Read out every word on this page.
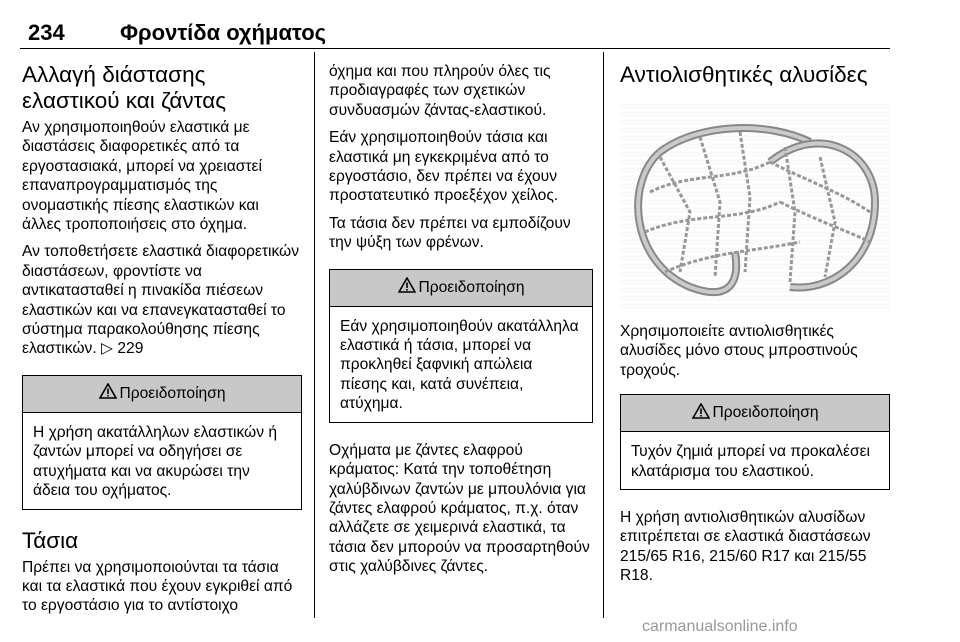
234	Φροντίδα οχήματος
Αλλαγή διάστασης ελαστικού και ζάντας

Αν χρησιμοποιηθούν ελαστικά με διαστάσεις διαφορετικές από τα εργοστασιακά, μπορεί να χρειαστεί επαναπρογραμματισμός της ονομαστικής πίεσης ελαστικών και άλλες τροποποιήσεις στο όχημα.

Αν τοποθετήσετε ελαστικά διαφορετικών διαστάσεων, φροντίστε να αντικατασταθεί η πινακίδα πιέσεων ελαστικών και να επανεγκατασταθεί το σύστημα παρακολούθησης πίεσης ελαστικών. ▷ 229

Προειδοποίηση
Η χρήση ακατάλληλων ελαστικών ή ζαντών μπορεί να οδηγήσει σε ατυχήματα και να ακυρώσει την άδεια του οχήματος.
Τάσια

Πρέπει να χρησιμοποιούνται τα τάσια και τα ελαστικά που έχουν εγκριθεί από το εργοστάσιο για το αντίστοιχο

όχημα και που πληρούν όλες τις προδιαγραφές των σχετικών συνδυασμών ζάντας-ελαστικού.

Εάν χρησιμοποιηθούν τάσια και ελαστικά μη εγκεκριμένα από το εργοστάσιο, δεν πρέπει να έχουν προστατευτικό προεξέχον χείλος.

Τα τάσια δεν πρέπει να εμποδίζουν την ψύξη των φρένων.

Προειδοποίηση
Εάν χρησιμοποιηθούν ακατάλληλα ελαστικά ή τάσια, μπορεί να προκληθεί ξαφνική απώλεια πίεσης και, κατά συνέπεια, ατύχημα.

Οχήματα με ζάντες ελαφρού κράματος: Κατά την τοποθέτηση χαλύβδινων ζαντών με μπουλόνια για ζάντες ελαφρού κράματος, π.χ. όταν αλλάζετε σε χειμερινά ελαστικά, τα τάσια δεν μπορούν να προσαρτηθούν στις χαλύβδινες ζάντες.

Αντιολισθητικές αλυσίδες

Χρησιμοποιείτε αντιολισθητικές αλυσίδες μόνο στους μπροστινούς τροχούς.

Προειδοποίηση
Τυχόν ζημιά μπορεί να προκαλέσει κλατάρισμα του ελαστικού.

Η χρήση αντιολισθητικών αλυσίδων επιτρέπεται σε ελαστικά διαστάσεων 215/65 R16, 215/60 R17 και 215/55 R18.

carmanualsonline.info
